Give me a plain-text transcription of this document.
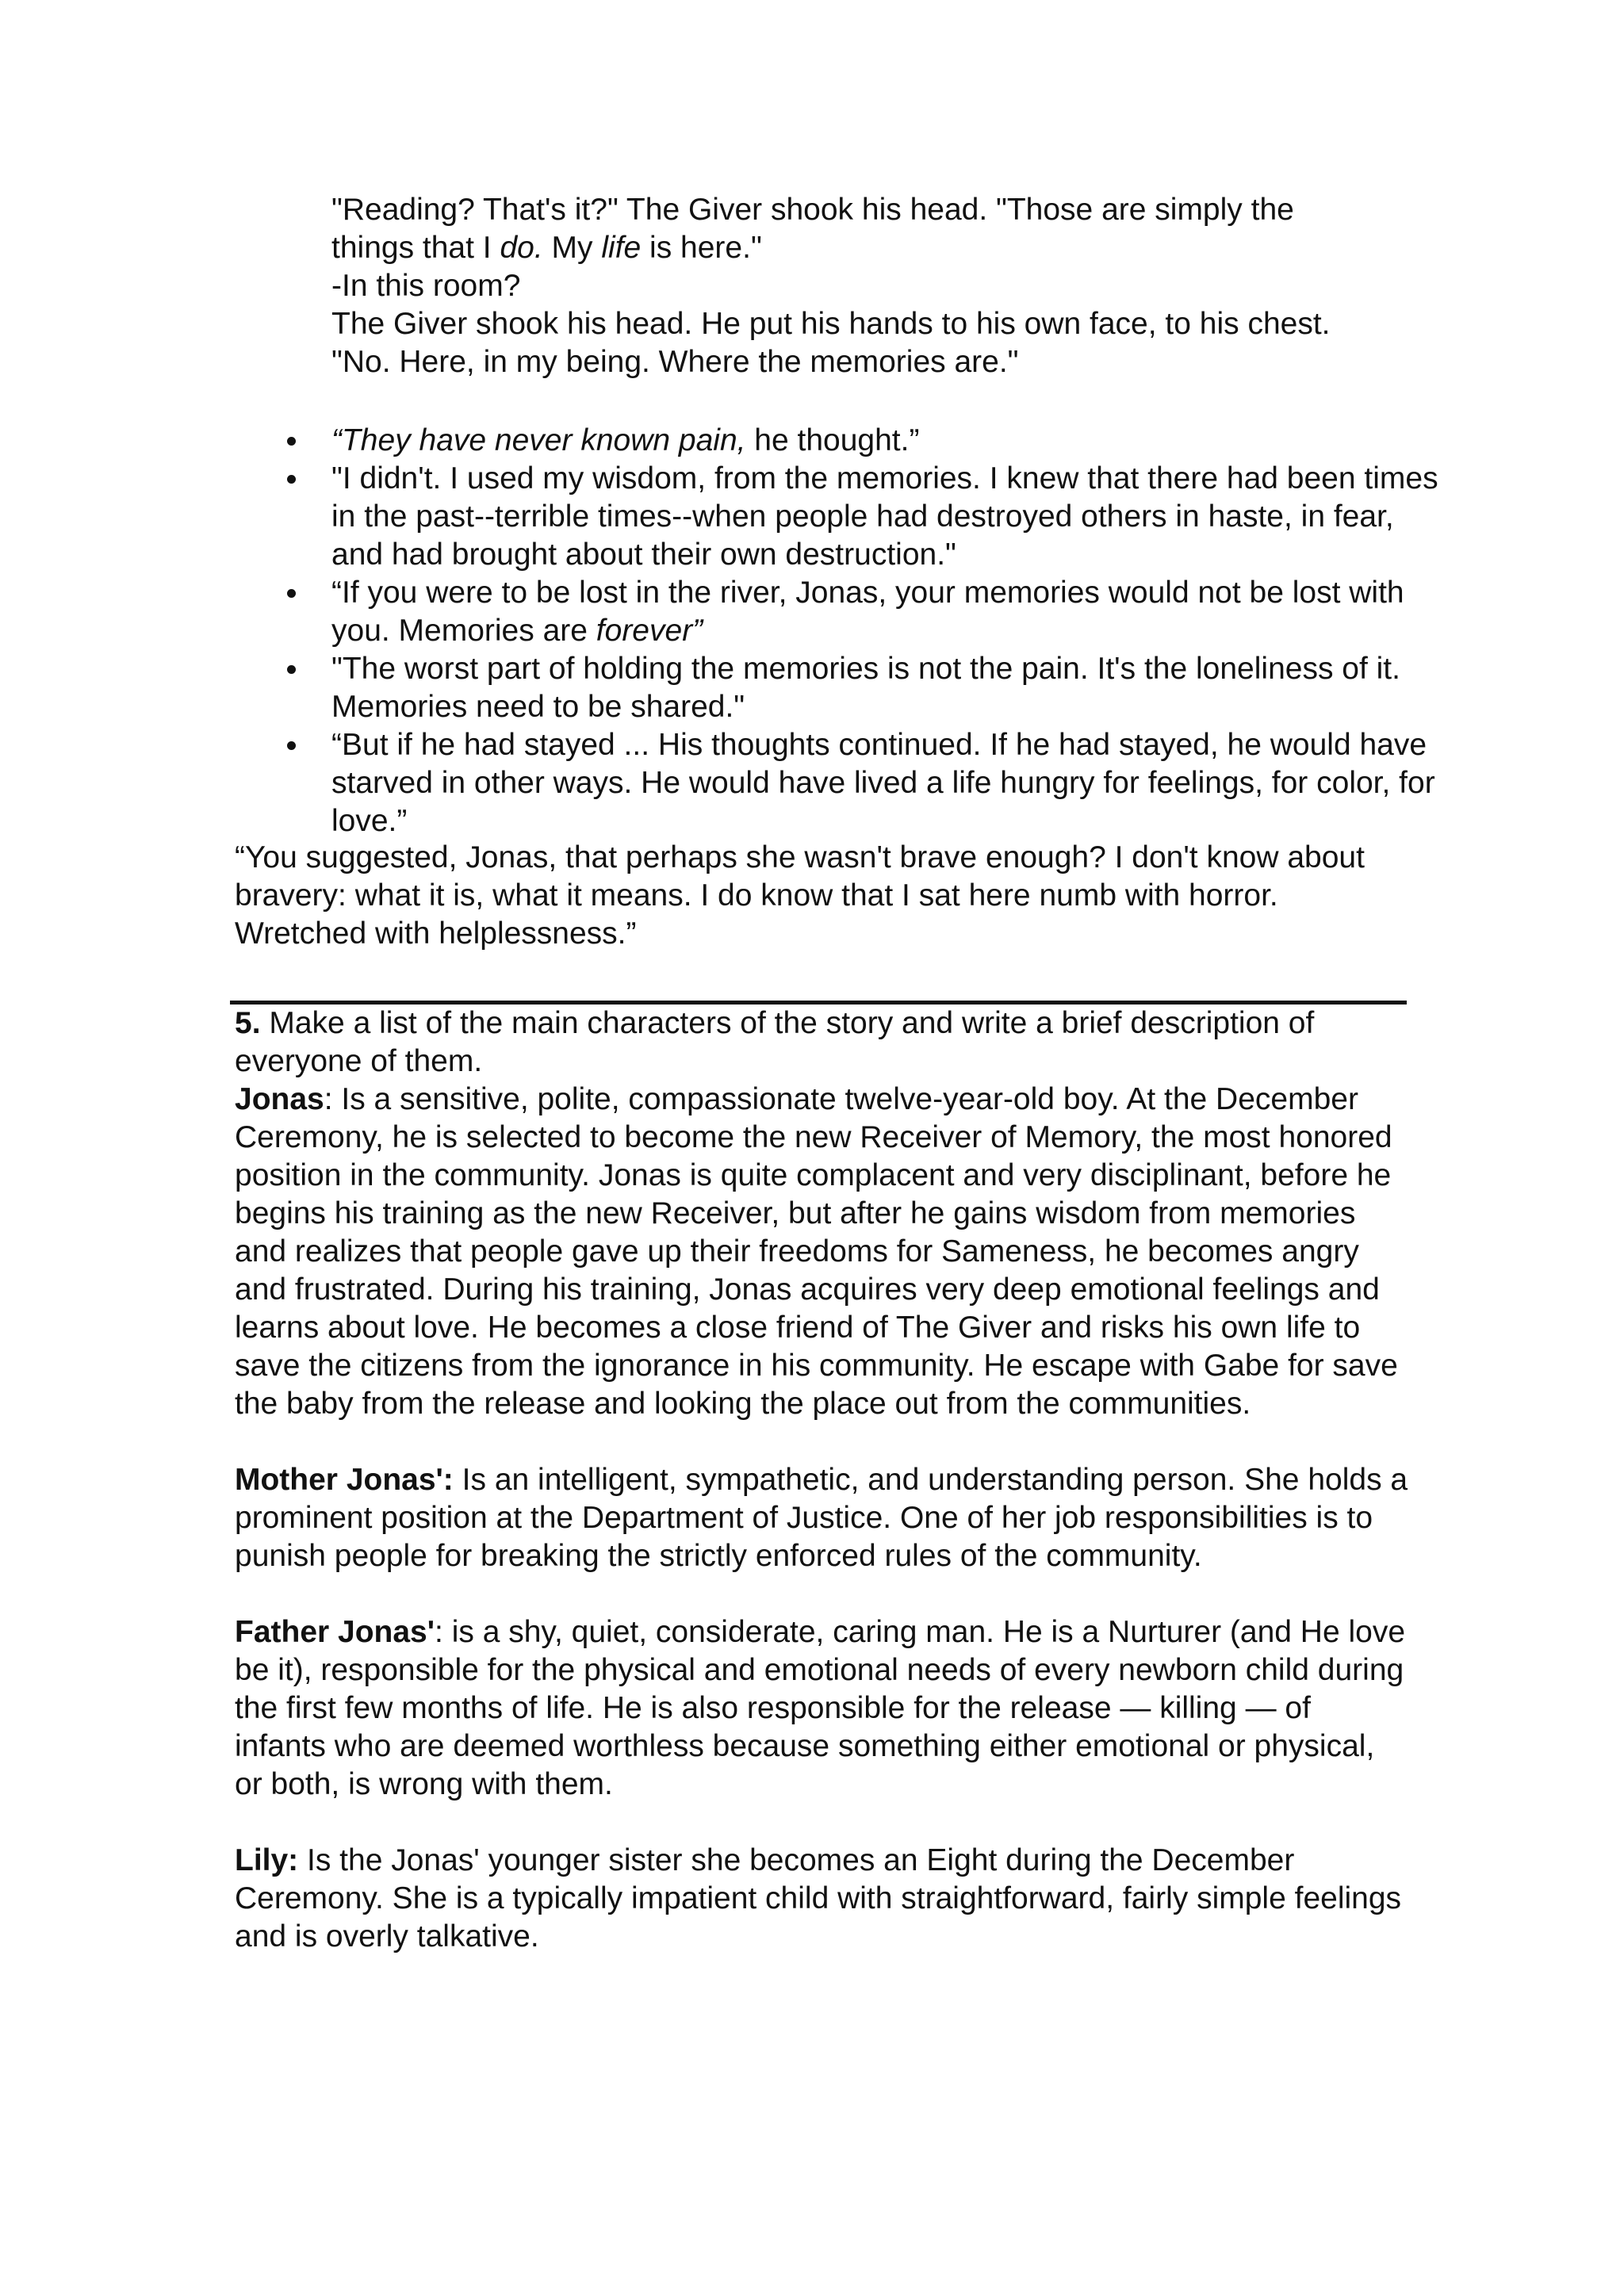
"Reading? That's it?" The Giver shook his head. "Those are simply the

things that I do. My life is here."

-In this room?

The Giver shook his head. He put his hands to his own face, to his chest.

"No. Here, in my being. Where the memories are."

“They have never known pain, he thought.”
"I didn't. I used my wisdom, from the memories. I knew that there had been times in the past--terrible times--when people had destroyed others in haste, in fear, and had brought about their own destruction."
“If you were to be lost in the river, Jonas, your memories would not be lost with you. Memories are forever”
"The worst part of holding the memories is not the pain. It's the loneliness of it. Memories need to be shared."
“But if he had stayed ... His thoughts continued. If he had stayed, he would have starved in other ways. He would have lived a life hungry for feelings, for color, for love.”

“You suggested, Jonas, that perhaps she wasn't brave enough? I don't know about bravery: what it is, what it means. I do know that I sat here numb with horror. Wretched with helplessness.”

5. Make a list of the main characters of the story and write a brief description of everyone of them.

Jonas: Is a sensitive, polite, compassionate twelve-year-old boy. At the December Ceremony, he is selected to become the new Receiver of Memory, the most honored position in the community. Jonas is quite complacent and very disciplinant, before he begins his training as the new Receiver, but after he gains wisdom from memories and realizes that people gave up their freedoms for Sameness, he becomes angry and frustrated. During his training, Jonas acquires very deep emotional feelings and learns about love. He becomes a close friend of The Giver and risks his own life to save the citizens from the ignorance in his community. He escape with Gabe for save the baby from the release and looking the place out from the communities.

Mother Jonas': Is an intelligent, sympathetic, and understanding person. She holds a prominent position at the Department of Justice. One of her job responsibilities is to punish people for breaking the strictly enforced rules of the community.

Father Jonas': is a shy, quiet, considerate, caring man. He is a Nurturer (and He love be it), responsible for the physical and emotional needs of every newborn child during the first few months of life. He is also responsible for the release — killing — of infants who are deemed worthless because something either emotional or physical, or both, is wrong with them.

Lily: Is the Jonas' younger sister she becomes an Eight during the December Ceremony. She is a typically impatient child with straightforward, fairly simple feelings and is overly talkative.
